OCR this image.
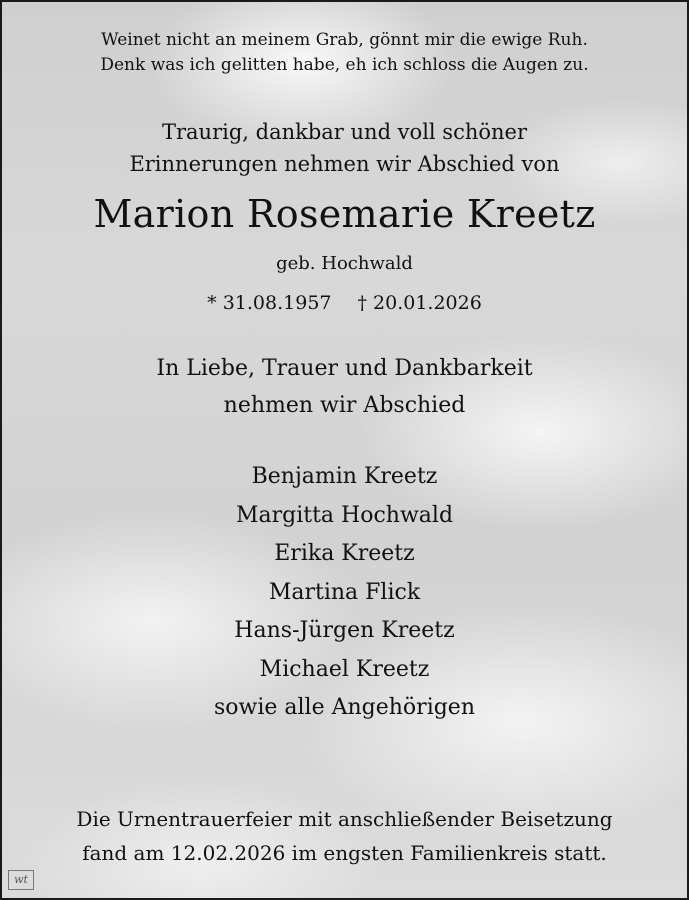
Weinet nicht an meinem Grab, gönnt mir die ewige Ruh.
Denk was ich gelitten habe, eh ich schloss die Augen zu.
Traurig, dankbar und voll schöner
Erinnerungen nehmen wir Abschied von
Marion Rosemarie Kreetz
geb. Hochwald
* 31.08.1957 † 20.01.2026
In Liebe, Trauer und Dankbarkeit
nehmen wir Abschied
Benjamin Kreetz
Margitta Hochwald
Erika Kreetz
Martina Flick
Hans-Jürgen Kreetz
Michael Kreetz
sowie alle Angehörigen
Die Urnentrauerfeier mit anschließender Beisetzung
fand am 12.02.2026 im engsten Familienkreis statt.
wt
